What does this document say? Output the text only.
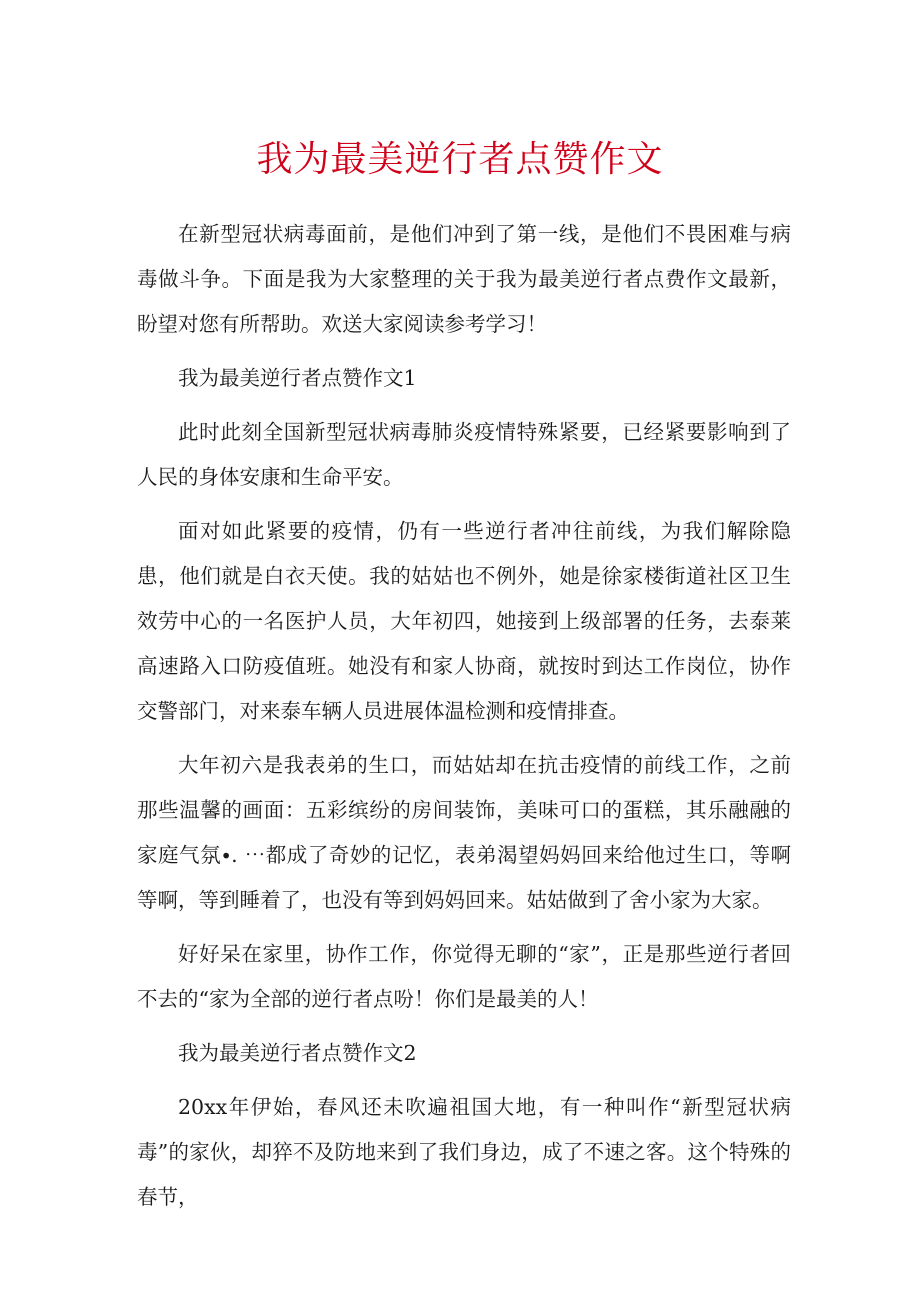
我为最美逆行者点赞作文

在新型冠状病毒面前，是他们冲到了第一线，是他们不畏困难与病毒做斗争。下面是我为大家整理的关于我为最美逆行者点费作文最新，盼望对您有所帮助。欢送大家阅读参考学习！

我为最美逆行者点赞作文1

此时此刻全国新型冠状病毒肺炎疫情特殊紧要，已经紧要影响到了人民的身体安康和生命平安。

面对如此紧要的疫情，仍有一些逆行者冲往前线，为我们解除隐患，他们就是白衣天使。我的姑姑也不例外，她是徐家楼街道社区卫生效劳中心的一名医护人员，大年初四，她接到上级部署的任务，去泰莱高速路入口防疫值班。她没有和家人协商，就按时到达工作岗位，协作交警部门，对来泰车辆人员进展体温检测和疫情排查。

大年初六是我表弟的生口，而姑姑却在抗击疫情的前线工作，之前那些温馨的画面：五彩缤纷的房间装饰，美味可口的蛋糕，其乐融融的家庭气氛∙. ⋯都成了奇妙的记忆，表弟渴望妈妈回来给他过生口，等啊等啊，等到睡着了，也没有等到妈妈回来。姑姑做到了舍小家为大家。

好好呆在家里，协作工作，你觉得无聊的“家”，正是那些逆行者回不去的“家为全部的逆行者点吩！你们是最美的人！

我为最美逆行者点赞作文2

20xx年伊始，春风还未吹遍祖国大地，有一种叫作“新型冠状病毒”的家伙，却猝不及防地来到了我们身边，成了不速之客。这个特殊的春节，
